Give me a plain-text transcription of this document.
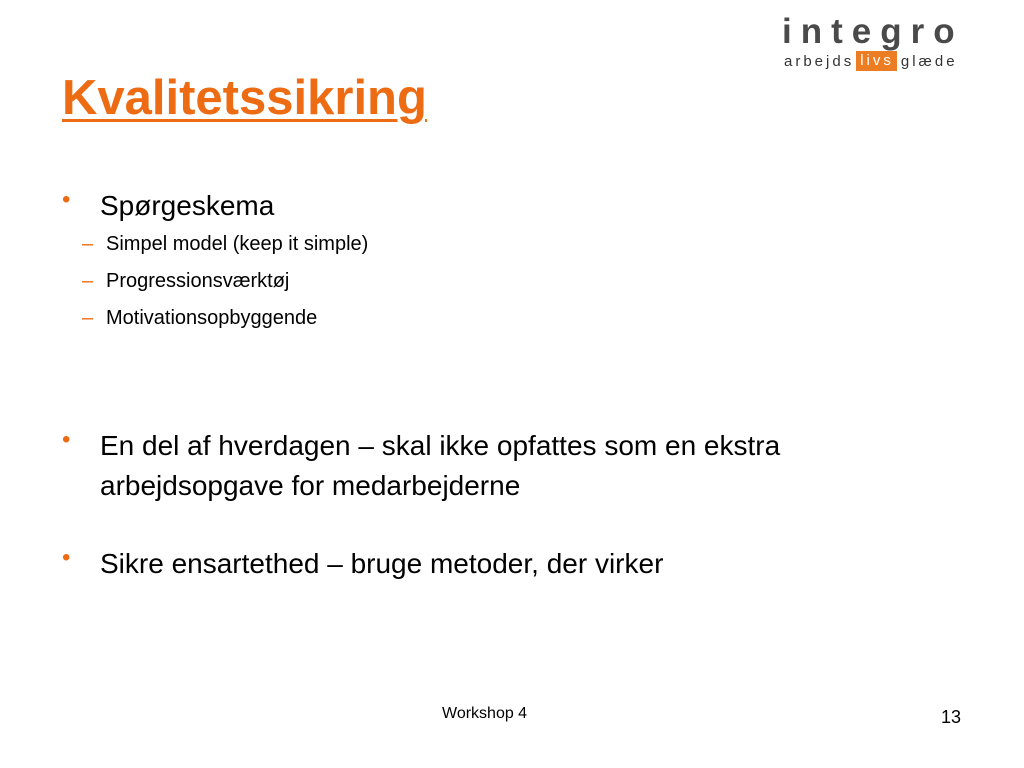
integro
arbejds livs glæde
Kvalitetssikring
• Spørgeskema
– Simpel model (keep it simple)
– Progressionsværktøj
– Motivationsopbyggende
• En del af hverdagen – skal ikke opfattes som en ekstra arbejdsopgave for medarbejderne
• Sikre ensartethed – bruge metoder, der virker
Workshop 4	13
